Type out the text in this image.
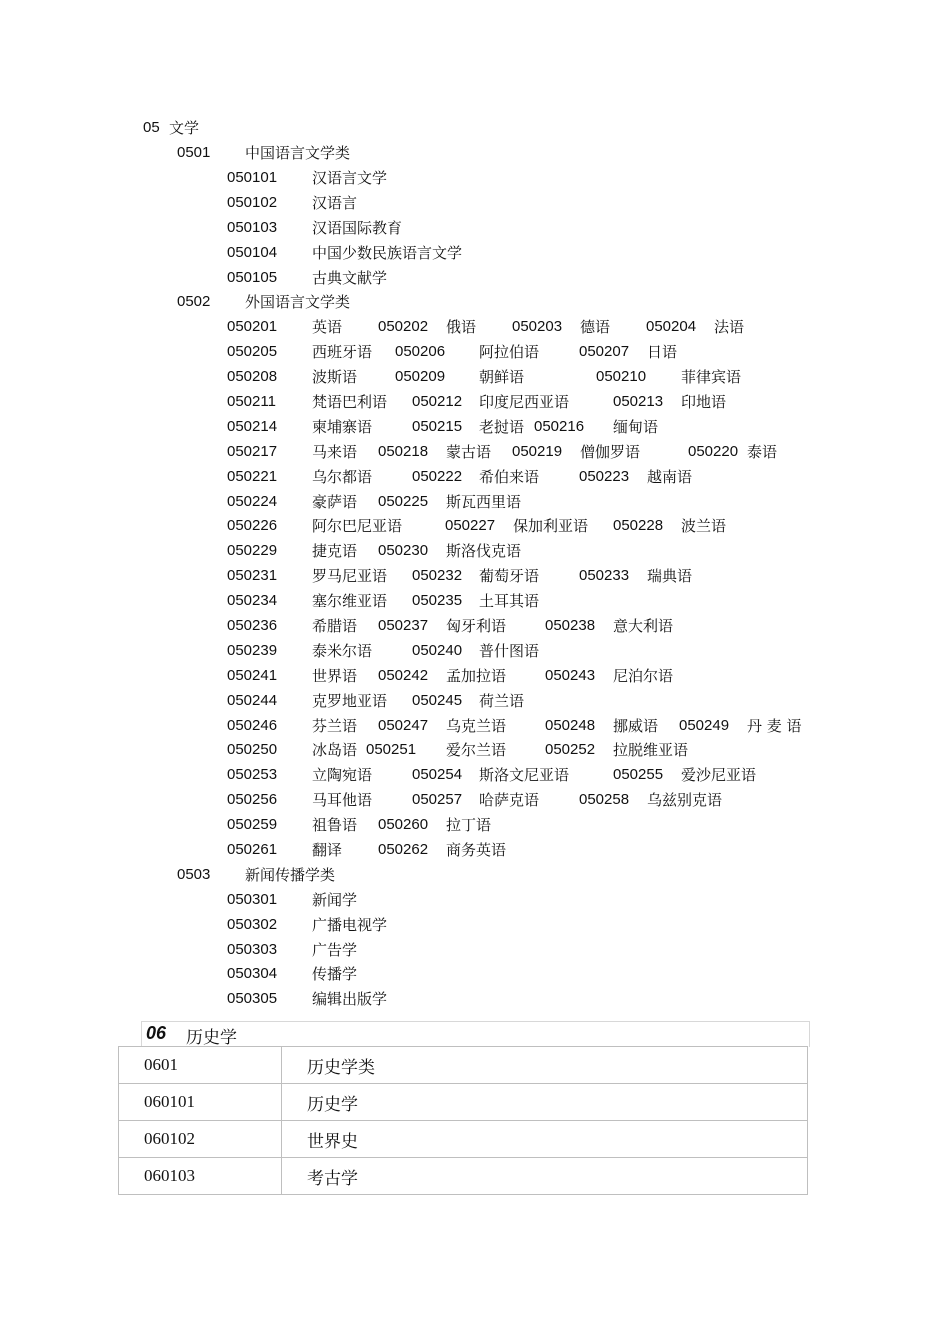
05 文学
0501 中国语言文学类
050101 汉语言文学
050102 汉语言
050103 汉语国际教育
050104 中国少数民族语言文学
050105 古典文献学
0502 外国语言文学类
050201 英语 050202 俄语 050203 德语 050204 法语
050205 西班牙语 050206 阿拉伯语	050207 日语
050208 波斯语	050209 朝鲜语	050210 菲律宾语
050211 梵语巴利语 050212 印度尼西亚语	050213 印地语
050214 柬埔寨语	050215 老挝语 050216 缅甸语
050217 马来语 050218 蒙古语 050219 僧伽罗语	050220 泰语
050221 乌尔都语	050222 希伯来语	050223 越南语
050224 豪萨语 050225 斯瓦西里语
050226 阿尔巴尼亚语	050227 保加利亚语 050228 波兰语
050229 捷克语 050230 斯洛伐克语
050231 罗马尼亚语 050232 葡萄牙语	050233 瑞典语
050234 塞尔维亚语 050235 土耳其语
050236 希腊语 050237 匈牙利语	050238 意大利语
050239 泰米尔语	050240 普什图语
050241 世界语 050242 孟加拉语	050243 尼泊尔语
050244 克罗地亚语 050245 荷兰语
050246 芬兰语 050247 乌克兰语	050248 挪威语 050249 丹 麦 语
050250 冰岛语 050251 爱尔兰语	050252 拉脱维亚语
050253 立陶宛语	050254 斯洛文尼亚语	050255 爱沙尼亚语
050256 马耳他语	050257 哈萨克语	050258 乌兹别克语
050259 祖鲁语 050260 拉丁语
050261 翻译 050262 商务英语
0503 新闻传播学类
050301 新闻学
050302 广播电视学
050303 广告学
050304 传播学
050305 编辑出版学
06 历史学
0601	历史学类
060101	历史学
060102	世界史
060103	考古学
